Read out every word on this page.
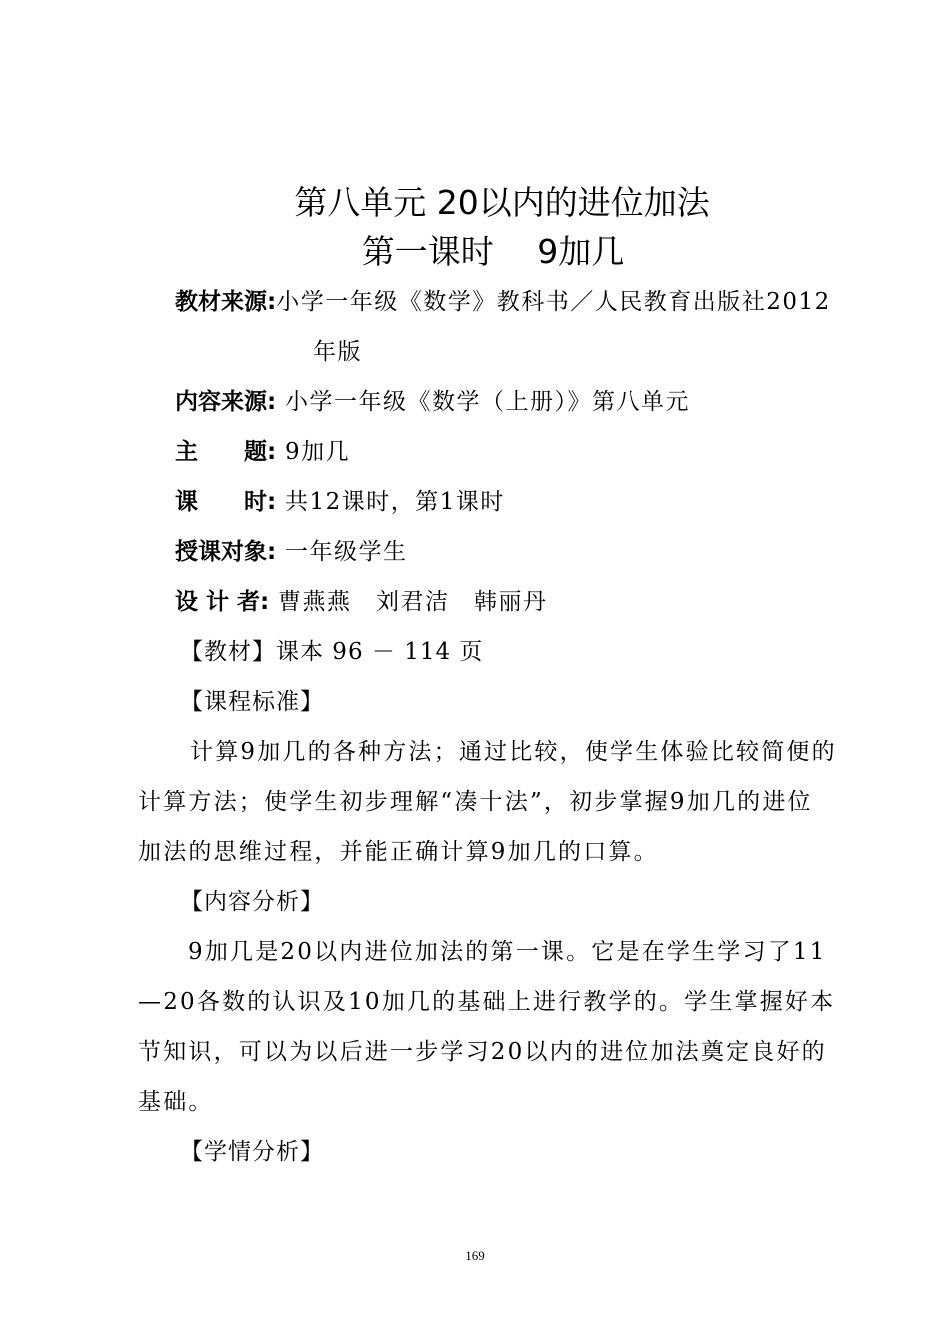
第八单元 20以内的进位加法
第一课时　 9加几
教材来源:小学一年级《数学》教科书／人民教育出版社2012
年版
内容来源: 小学一年级《数学（上册）》第八单元
主　　题: 9加几
课　　时: 共12课时，第1课时
授课对象: 一年级学生
设 计 者: 曹燕燕　刘君洁　韩丽丹
【教材】课本 96 － 114 页
【课程标准】
计算9加几的各种方法；通过比较，使学生体验比较简便的
计算方法；使学生初步理解“凑十法”，初步掌握9加几的进位
加法的思维过程，并能正确计算9加几的口算。
【内容分析】
9加几是20以内进位加法的第一课。它是在学生学习了11
—20各数的认识及10加几的基础上进行教学的。学生掌握好本
节知识，可以为以后进一步学习20以内的进位加法奠定良好的
基础。
【学情分析】
169
